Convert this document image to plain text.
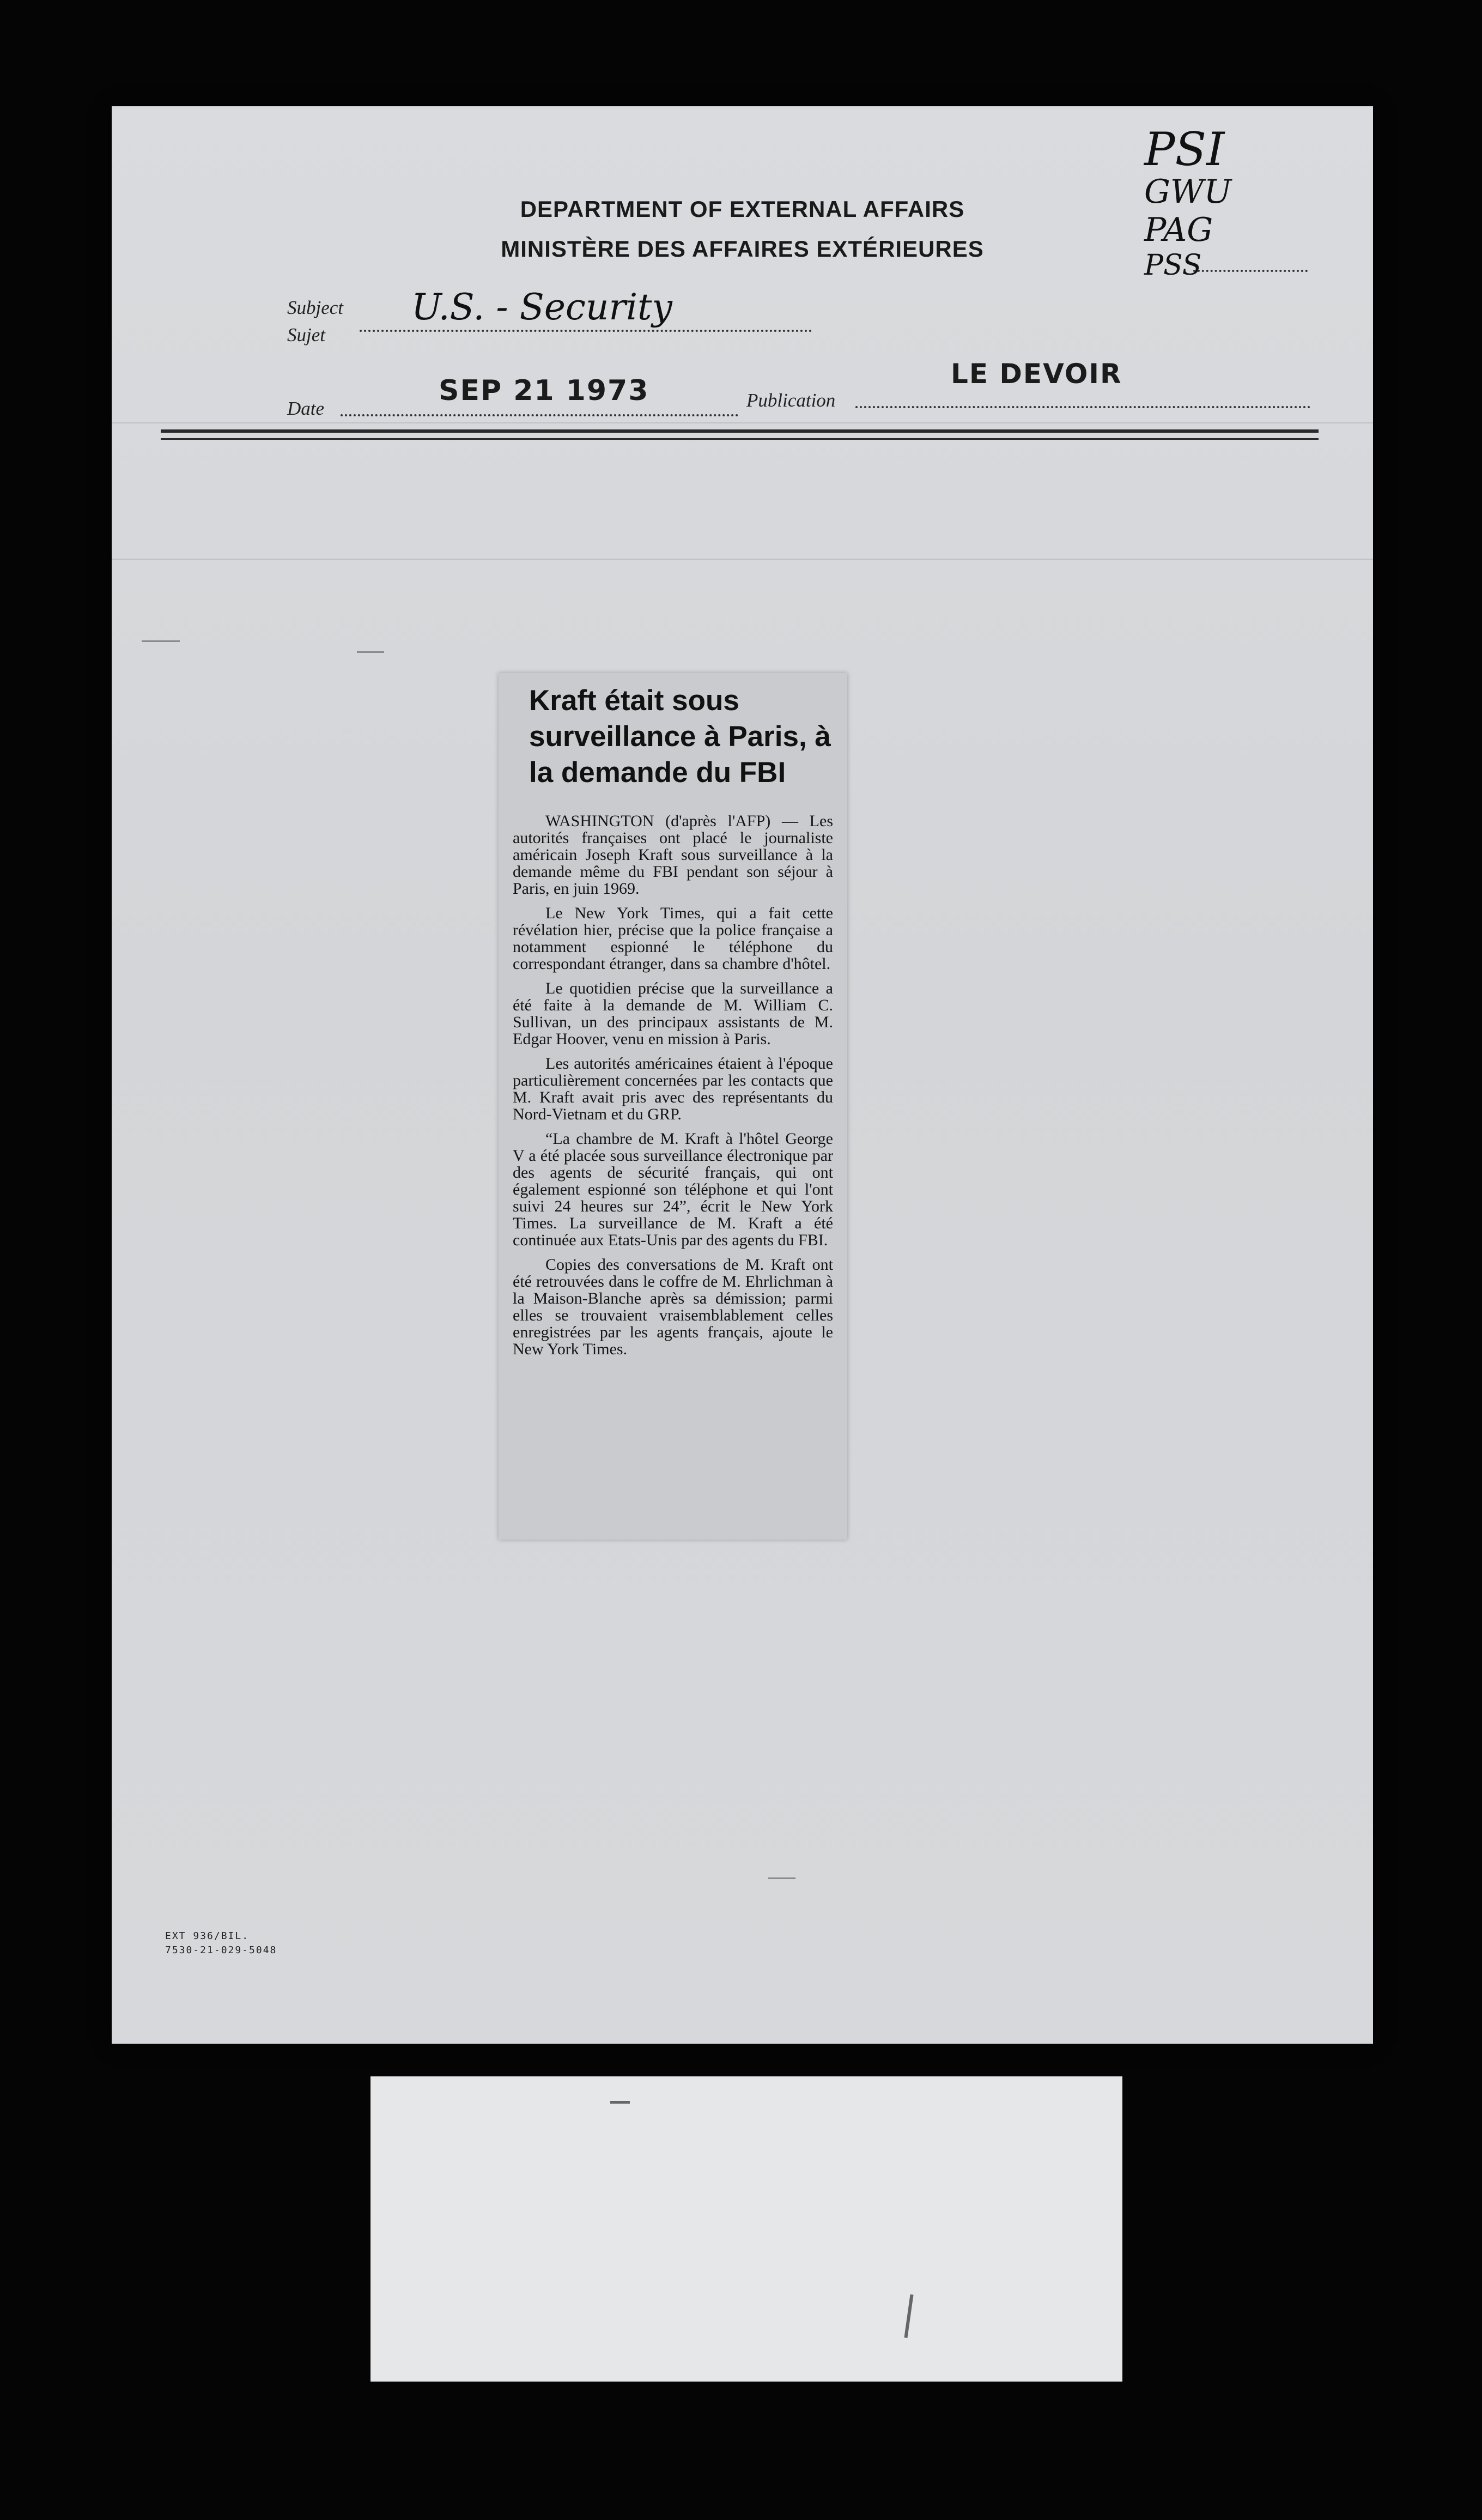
DEPARTMENT OF EXTERNAL AFFAIRS
MINISTÈRE DES AFFAIRES EXTÉRIEURES
PSI
GWU
PAG
PSS
Subject
Sujet
U.S. - Security
Date
SEP 21 1973	Publication
LE DEVOIR
EXT 936/BIL.
7530-21-029-5048
Kraft était sous surveillance à Paris, à la demande du FBI

WASHINGTON (d'après l'AFP) — Les autorités françaises ont placé le journaliste américain Joseph Kraft sous surveillance à la demande même du FBI pendant son séjour à Paris, en juin 1969.

Le New York Times, qui a fait cette révélation hier, précise que la police française a notamment espionné le téléphone du correspondant étranger, dans sa chambre d'hôtel.

Le quotidien précise que la surveillance a été faite à la demande de M. William C. Sullivan, un des principaux assistants de M. Edgar Hoover, venu en mission à Paris.

Les autorités américaines étaient à l'époque particulièrement concernées par les contacts que M. Kraft avait pris avec des représentants du Nord-Vietnam et du GRP.

“La chambre de M. Kraft à l'hôtel George V a été placée sous surveillance électronique par des agents de sécurité français, qui ont également espionné son téléphone et qui l'ont suivi 24 heures sur 24”, écrit le New York Times. La surveillance de M. Kraft a été continuée aux Etats-Unis par des agents du FBI.

Copies des conversations de M. Kraft ont été retrouvées dans le coffre de M. Ehrlichman à la Maison-Blanche après sa démission; parmi elles se trouvaient vraisemblablement celles enregistrées par les agents français, ajoute le New York Times.
